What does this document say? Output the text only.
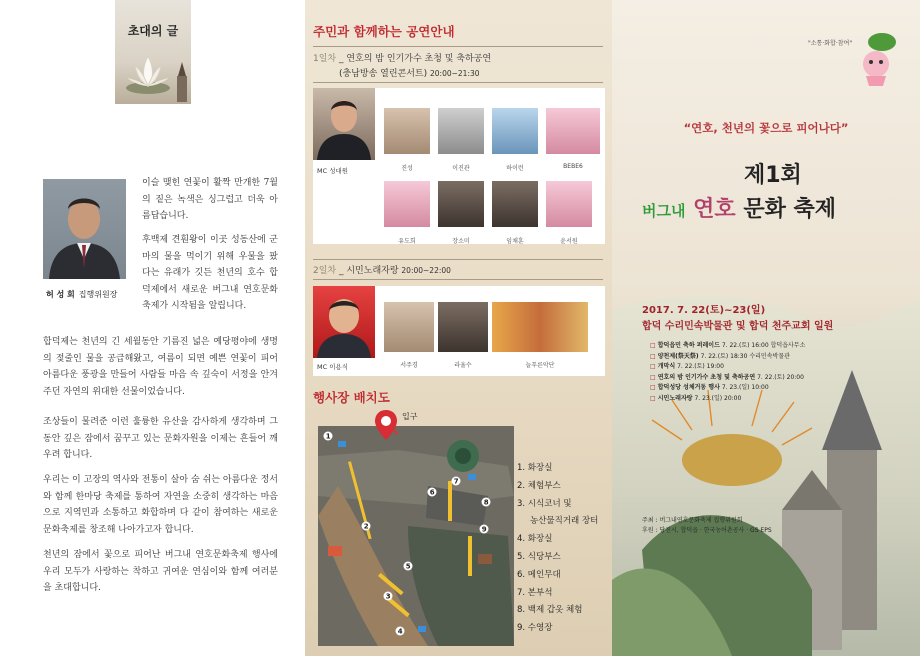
초대의 글
허 성 회 집행위원장

이슬 맺힌 연꽃이 활짝 만개한 7월의 짙은 녹색은 싱그럽고 더욱 아름답습니다.

후백제 견훤왕이 이곳 성동산에 군마의 물을 먹이기 위해 우물을 팠다는 유래가 깃든 천년의 호수 합덕제에서 새로운 버그내 연호문화축제가 시작됨을 알립니다.

합덕제는 천년의 긴 세월동안 기름진 넓은 예당평야에 생명의 젖줄인 물을 공급해왔고, 여름이 되면 예쁜 연꽃이 피어 아름다운 풍광을 만들어 사람들 마음 속 깊숙이 서정을 안겨주던 자연의 위대한 선물이었습니다.

조상들이 물려준 이런 훌륭한 유산을 감사하게 생각하며 그동안 깊은 잠에서 꿈꾸고 있는 문화자원을 이제는 흔들어 깨우려 합니다.

우리는 이 고장의 역사와 전통이 살아 숨 쉬는 아름다운 정서와 함께 한마당 축제를 통하여 자연을 소중히 생각하는 마음으로 지역민과 소통하고 화합하며 다 같이 참여하는 새로운 문화축제를 창조해 나아가고자 합니다.

천년의 잠에서 꽃으로 피어난 버그내 연호문화축제 행사에 우리 모두가 사랑하는 착하고 귀여운 연심이와 함께 여러분을 초대합니다.

주민과 함께하는 공연안내
1일차 _ 연호의 밤 인기가수 초청 및 축하공연
(충남방송 열린콘서트) 20:00~21:30
MC 성대원	진성	이진관	하이런	BEBE6
유도희	장소미	임채훈	윤서원
2일차 _ 시민노래자랑 20:00~22:00
MC 이용식	서주경	라율수	늘푸른악단
행사장 배치도
1
2
3
4
5
6
7
8
9
입구
1. 화장실
2. 체험부스
3. 시식코너 및
농산물직거래 장터
4. 화장실
5. 식당부스
6. 메인무대
7. 본부석
8. 백제 갑옷 체험
9. 수영장
"소통·화합·참여"
“연호, 천년의 꽃으로 피어나다”
제1회
버그내 연호 문화 축제
2017. 7. 22(토)~23(일)
합덕 수리민속박물관 및 합덕 천주교회 일원
□ 합덕읍민 축하 퍼레이드 7. 22.(토) 16:00 합덕읍사무소
□ 양천제(祭天祭) 7. 22.(토) 18:30 수리민속박물관
□ 개막식 7. 22.(토) 19:00
□ 연호의 밤 인기가수 초청 및 축하공연 7. 22.(토) 20:00
□ 합덕성당 성체거동 행사 7. 23.(일) 10:00
□ 시민노래자랑 7. 23.(일) 20:00
주최 : 버그내연호문화축제 집행위원회
후원 : 당진시, 합덕읍 · 한국농어촌공사 · GS EPS
